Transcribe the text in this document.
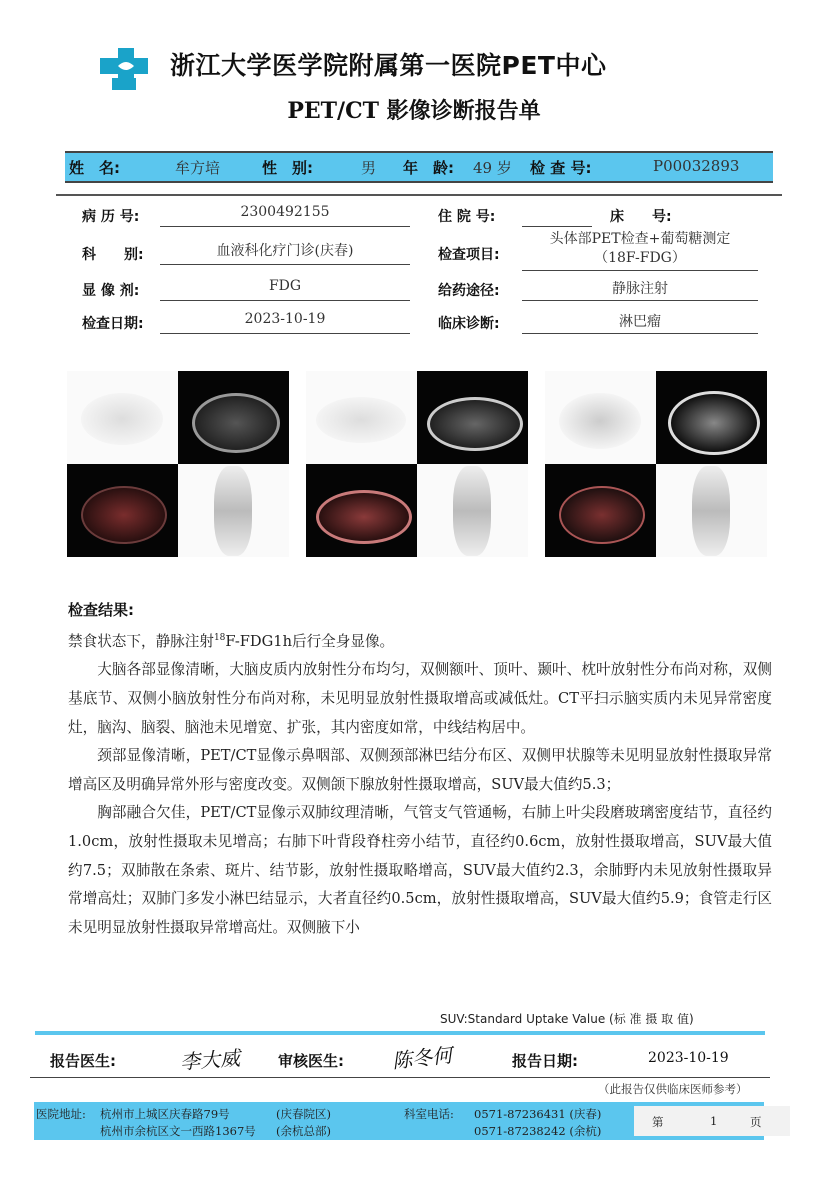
浙江大学医学院附属第一医院PET中心
PET/CT 影像诊断报告单
姓　名:	牟方培	性　别:	男 年　龄: 49 岁 检 查 号:	P00032893
病 历 号:	2300492155	住 院 号:	床　　号:
科　　别:	血液科化疗门诊(庆春)	检查项目:
头体部PET检查+葡萄糖测定
（18F-FDG）
显 像 剂:	FDG	给药途径:	静脉注射
检查日期:	2023-10-19	临床诊断:	淋巴瘤
检查结果:

禁食状态下，静脉注射$^{18}$F-FDG1h后行全身显像。

大脑各部显像清晰，大脑皮质内放射性分布均匀，双侧额叶、顶叶、颞叶、枕叶放射性分布尚对称，双侧基底节、双侧小脑放射性分布尚对称，未见明显放射性摄取增高或减低灶。CT平扫示脑实质内未见异常密度灶，脑沟、脑裂、脑池未见增宽、扩张，其内密度如常，中线结构居中。

颈部显像清晰，PET/CT显像示鼻咽部、双侧颈部淋巴结分布区、双侧甲状腺等未见明显放射性摄取异常增高区及明确异常外形与密度改变。双侧颌下腺放射性摄取增高，SUV最大值约5.3；

胸部融合欠佳，PET/CT显像示双肺纹理清晰，气管支气管通畅，右肺上叶尖段磨玻璃密度结节，直径约1.0cm，放射性摄取未见增高；右肺下叶背段脊柱旁小结节，直径约0.6cm，放射性摄取增高，SUV最大值约7.5；双肺散在条索、斑片、结节影，放射性摄取略增高，SUV最大值约2.3，余肺野内未见放射性摄取异常增高灶；双肺门多发小淋巴结显示，大者直径约0.5cm，放射性摄取增高，SUV最大值约5.9；食管走行区未见明显放射性摄取异常增高灶。双侧腋下小

SUV:Standard Uptake Value (标 准 摄 取 值)
报告医生:	李大威 审核医生: 陈冬何	报告日期:	2023-10-19
（此报告仅供临床医师参考）
医院地址: 杭州市上城区庆春路79号	(庆春院区)
杭州市余杭区文一西路1367号 (余杭总部)
科室电话: 0571-87236431 (庆春)
0571-87238242 (余杭)
第	1	页
